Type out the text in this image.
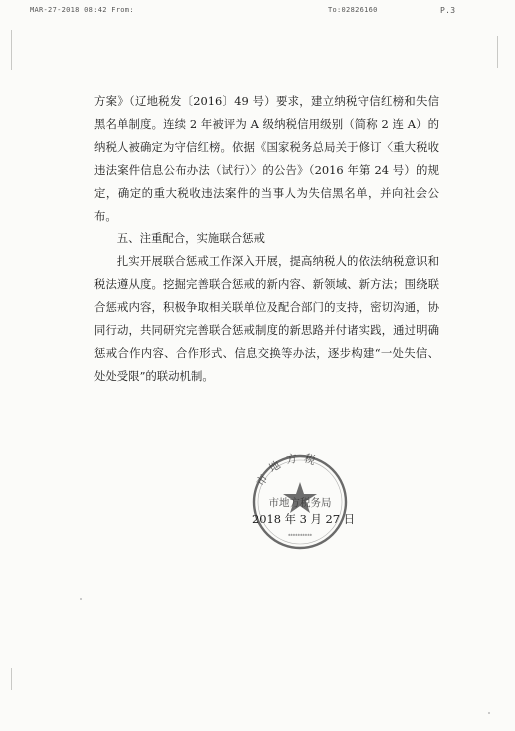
MAR-27-2018 08:42 From:	To:02826160	P.3

方案》（辽地税发〔2016〕49 号）要求，建立纳税守信红榜和失信黑名单制度。连续 2 年被评为 A 级纳税信用级别（简称 2 连 A）的纳税人被确定为守信红榜。依据《国家税务总局关于修订〈重大税收违法案件信息公布办法（试行）〉的公告》（2016 年第 24 号）的规定，确定的重大税收违法案件的当事人为失信黑名单，并向社会公布。

五、注重配合，实施联合惩戒

扎实开展联合惩戒工作深入开展，提高纳税人的依法纳税意识和税法遵从度。挖掘完善联合惩戒的新内容、新领域、新方法；围绕联合惩戒内容，积极争取相关联单位及配合部门的支持，密切沟通，协同行动，共同研究完善联合惩戒制度的新思路并付诸实践，通过明确惩戒合作内容、合作形式、信息交换等办法，逐步构建“一处失信、处处受限”的联动机制。

市地方税
市地方税务局
✱✱✱✱✱✱✱✱✱✱
2018 年 3 月 27 日
